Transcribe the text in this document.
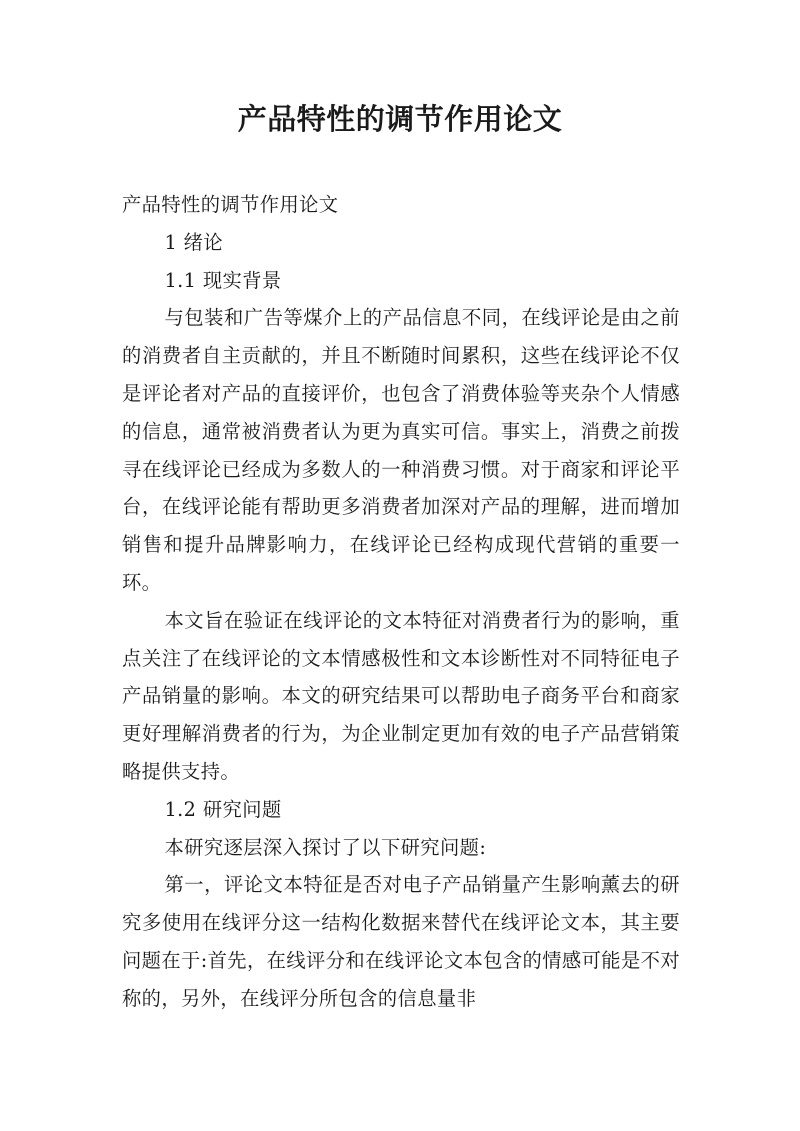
产品特性的调节作用论文

产品特性的调节作用论文

1 绪论

1.1 现实背景

与包装和广告等煤介上的产品信息不同，在线评论是由之前的消费者自主贡献的，并且不断随时间累积，这些在线评论不仅是评论者对产品的直接评价，也包含了消费体验等夹杂个人情感的信息，通常被消费者认为更为真实可信。事实上，消费之前拨寻在线评论已经成为多数人的一种消费习惯。对于商家和评论平台，在线评论能有帮助更多消费者加深对产品的理解，进而增加销售和提升品牌影响力，在线评论已经构成现代营销的重要一环。

本文旨在验证在线评论的文本特征对消费者行为的影响，重点关注了在线评论的文本情感极性和文本诊断性对不同特征电子产品销量的影响。本文的研究结果可以帮助电子商务平台和商家更好理解消费者的行为，为企业制定更加有效的电子产品营销策略提供支持。

1.2 研究问题

本研究逐层深入探讨了以下研究问题:

第一，评论文本特征是否对电子产品销量产生影响薰去的研究多使用在线评分这一结构化数据来替代在线评论文本，其主要问题在于:首先，在线评分和在线评论文本包含的情感可能是不对称的，另外，在线评分所包含的信息量非
